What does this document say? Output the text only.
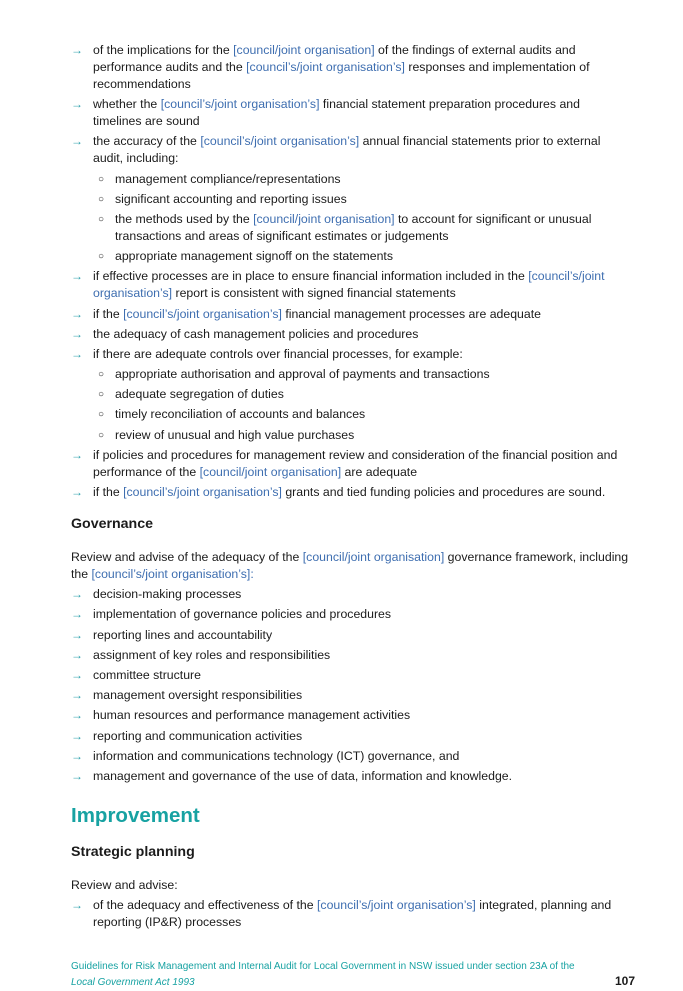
→ of the implications for the [council/joint organisation] of the findings of external audits and performance audits and the [council’s/joint organisation’s] responses and implementation of recommendations
→ whether the [council’s/joint organisation’s] financial statement preparation procedures and timelines are sound
→ the accuracy of the [council’s/joint organisation’s] annual financial statements prior to external audit, including:
○ management compliance/representations
○ significant accounting and reporting issues
○ the methods used by the [council/joint organisation] to account for significant or unusual transactions and areas of significant estimates or judgements
○ appropriate management signoff on the statements
→ if effective processes are in place to ensure financial information included in the [council’s/joint organisation’s] report is consistent with signed financial statements
→ if the [council’s/joint organisation’s] financial management processes are adequate
→ the adequacy of cash management policies and procedures
→ if there are adequate controls over financial processes, for example:
○ appropriate authorisation and approval of payments and transactions
○ adequate segregation of duties
○ timely reconciliation of accounts and balances
○ review of unusual and high value purchases
→ if policies and procedures for management review and consideration of the financial position and performance of the [council/joint organisation] are adequate
→ if the [council’s/joint organisation’s] grants and tied funding policies and procedures are sound.
Governance
Review and advise of the adequacy of the [council/joint organisation] governance framework, including the [council’s/joint organisation’s]:
→ decision-making processes
→ implementation of governance policies and procedures
→ reporting lines and accountability
→ assignment of key roles and responsibilities
→ committee structure
→ management oversight responsibilities
→ human resources and performance management activities
→ reporting and communication activities
→ information and communications technology (ICT) governance, and
→ management and governance of the use of data, information and knowledge.
Improvement
Strategic planning
Review and advise:
→ of the adequacy and effectiveness of the [council’s/joint organisation’s] integrated, planning and reporting (IP&R) processes
Guidelines for Risk Management and Internal Audit for Local Government in NSW issued under section 23A of the Local Government Act 1993	107
